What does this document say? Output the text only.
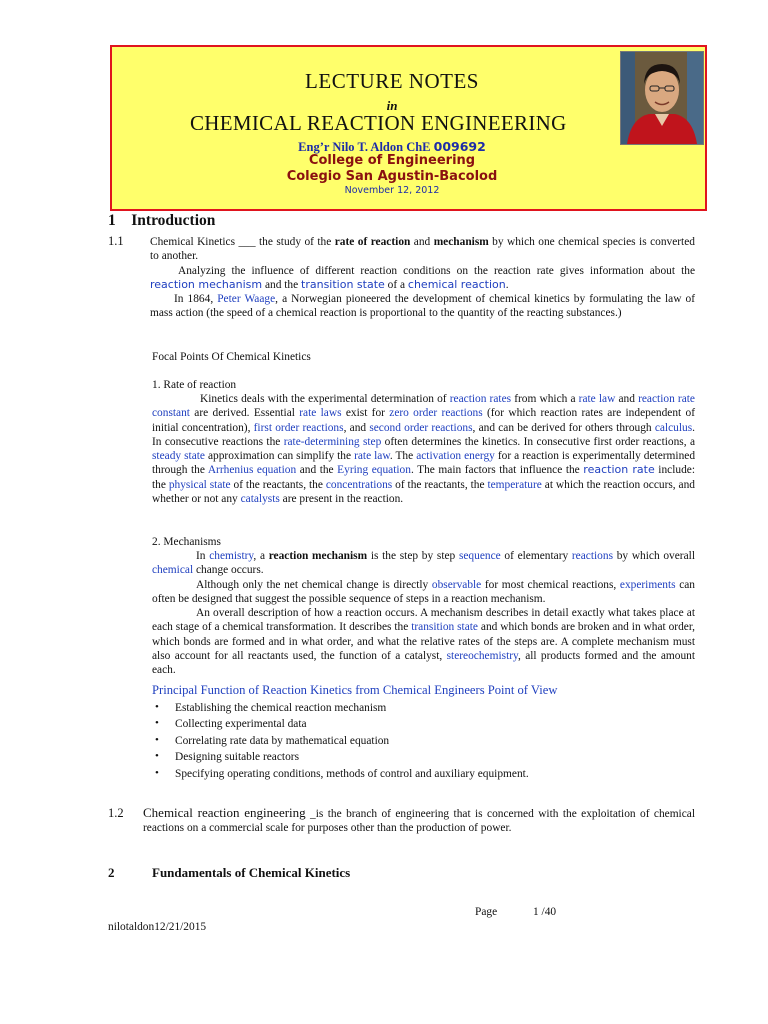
LECTURE NOTES
in
CHEMICAL REACTION ENGINEERING
Eng’r Nilo T. Aldon ChE 009692
College of Engineering
Colegio San Agustin-Bacolod
November 12, 2012
1 Introduction
1.1 Chemical Kinetics ___ the study of the rate of reaction and mechanism by which one chemical species is converted to another.
Analyzing the influence of different reaction conditions on the reaction rate gives information about the reaction mechanism and the transition state of a chemical reaction.
In 1864, Peter Waage, a Norwegian pioneered the development of chemical kinetics by formulating the law of mass action (the speed of a chemical reaction is proportional to the quantity of the reacting substances.)
Focal Points Of Chemical Kinetics
1. Rate of reaction
Kinetics deals with the experimental determination of reaction rates from which a rate law and reaction rate constant are derived. Essential rate laws exist for zero order reactions (for which reaction rates are independent of initial concentration), first order reactions, and second order reactions, and can be derived for others through calculus. In consecutive reactions the rate-determining step often determines the kinetics. In consecutive first order reactions, a steady state approximation can simplify the rate law. The activation energy for a reaction is experimentally determined through the Arrhenius equation and the Eyring equation. The main factors that influence the reaction rate include: the physical state of the reactants, the concentrations of the reactants, the temperature at which the reaction occurs, and whether or not any catalysts are present in the reaction.
2. Mechanisms
In chemistry, a reaction mechanism is the step by step sequence of elementary reactions by which overall chemical change occurs.
Although only the net chemical change is directly observable for most chemical reactions, experiments can often be designed that suggest the possible sequence of steps in a reaction mechanism.
An overall description of how a reaction occurs. A mechanism describes in detail exactly what takes place at each stage of a chemical transformation. It describes the transition state and which bonds are broken and in what order, which bonds are formed and in what order, and what the relative rates of the steps are. A complete mechanism must also account for all reactants used, the function of a catalyst, stereochemistry, all products formed and the amount each.
Principal Function of Reaction Kinetics from Chemical Engineers Point of View
• Establishing the chemical reaction mechanism
• Collecting experimental data
• Correlating rate data by mathematical equation
• Designing suitable reactors
• Specifying operating conditions, methods of control and auxiliary equipment.
1.2 Chemical reaction engineering _is the branch of engineering that is concerned with the exploitation of chemical reactions on a commercial scale for purposes other than the production of power.
2	Fundamentals of Chemical Kinetics
Page	1 /40
nilotaldon12/21/2015
